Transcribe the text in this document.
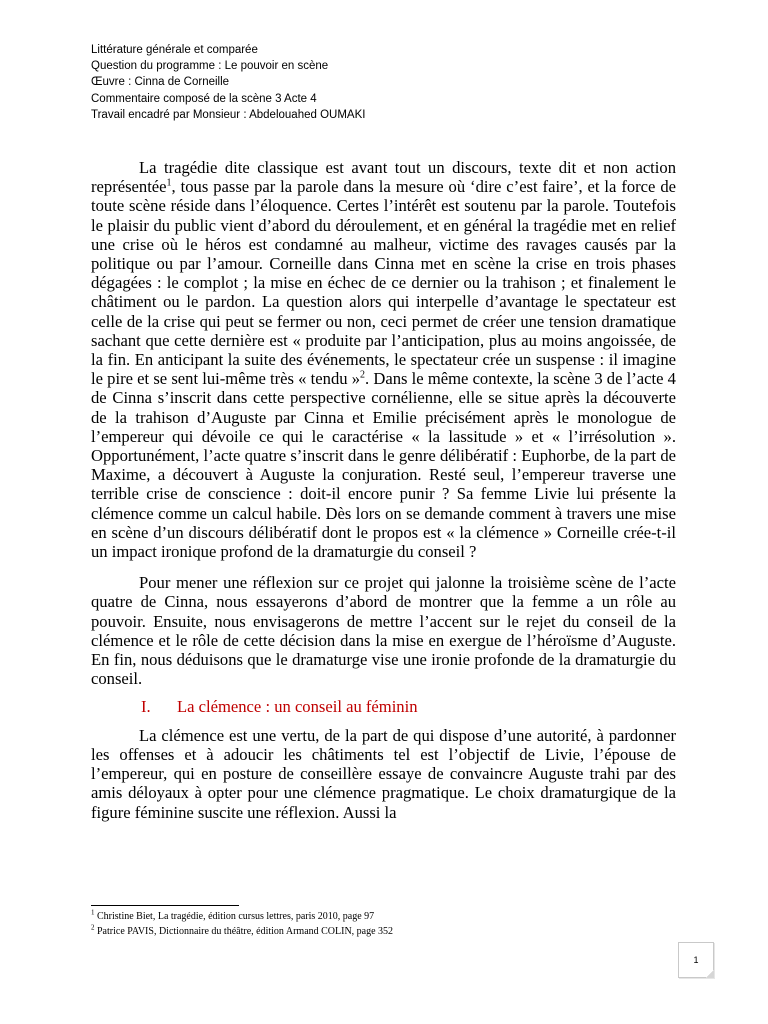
Littérature générale et comparée
Question du programme : Le pouvoir en scène
Œuvre : Cinna de Corneille
Commentaire composé de la scène 3 Acte 4
Travail encadré par Monsieur : Abdelouahed OUMAKI

La tragédie dite classique est avant tout un discours, texte dit et non action représentée$^1$, tous passe par la parole dans la mesure où ‘dire c’est faire’, et la force de toute scène réside dans l’éloquence. Certes l’intérêt est soutenu par la parole. Toutefois le plaisir du public vient d’abord du déroulement, et en général la tragédie met en relief une crise où le héros est condamné au malheur, victime des ravages causés par la politique ou par l’amour. Corneille dans Cinna met en scène la crise en trois phases dégagées : le complot ; la mise en échec de ce dernier ou la trahison ; et finalement le châtiment ou le pardon. La question alors qui interpelle d’avantage le spectateur est celle de la crise qui peut se fermer ou non, ceci permet de créer une tension dramatique sachant que cette dernière est « produite par l’anticipation, plus au moins angoissée, de la fin. En anticipant la suite des événements, le spectateur crée un suspense : il imagine le pire et se sent lui-même très « tendu »$^2$. Dans le même contexte, la scène 3 de l’acte 4 de Cinna s’inscrit dans cette perspective cornélienne, elle se situe après la découverte de la trahison d’Auguste par Cinna et Emilie précisément après le monologue de l’empereur qui dévoile ce qui le caractérise « la lassitude » et « l’irrésolution ». Opportunément, l’acte quatre s’inscrit dans le genre délibératif : Euphorbe, de la part de Maxime, a découvert à Auguste la conjuration. Resté seul, l’empereur traverse une terrible crise de conscience : doit-il encore punir ? Sa femme Livie lui présente la clémence comme un calcul habile. Dès lors on se demande comment à travers une mise en scène d’un discours délibératif dont le propos est « la clémence » Corneille crée-t-il un impact ironique profond de la dramaturgie du conseil ?

Pour mener une réflexion sur ce projet qui jalonne la troisième scène de l’acte quatre de Cinna, nous essayerons d’abord de montrer que la femme a un rôle au pouvoir. Ensuite, nous envisagerons de mettre l’accent sur le rejet du conseil de la clémence et le rôle de cette décision dans la mise en exergue de l’héroïsme d’Auguste. En fin, nous déduisons que le dramaturge vise une ironie profonde de la dramaturgie du conseil.

I. La clémence : un conseil au féminin

La clémence est une vertu, de la part de qui dispose d’une autorité, à pardonner les offenses et à adoucir les châtiments tel est l’objectif de Livie, l’épouse de l’empereur, qui en posture de conseillère essaye de convaincre Auguste trahi par des amis déloyaux à opter pour une clémence pragmatique. Le choix dramaturgique de la figure féminine suscite une réflexion. Aussi la

$^1$ Christine Biet, La tragédie, édition cursus lettres, paris 2010, page 97
$^2$ Patrice PAVIS, Dictionnaire du théâtre, édition Armand COLIN, page 352
1
